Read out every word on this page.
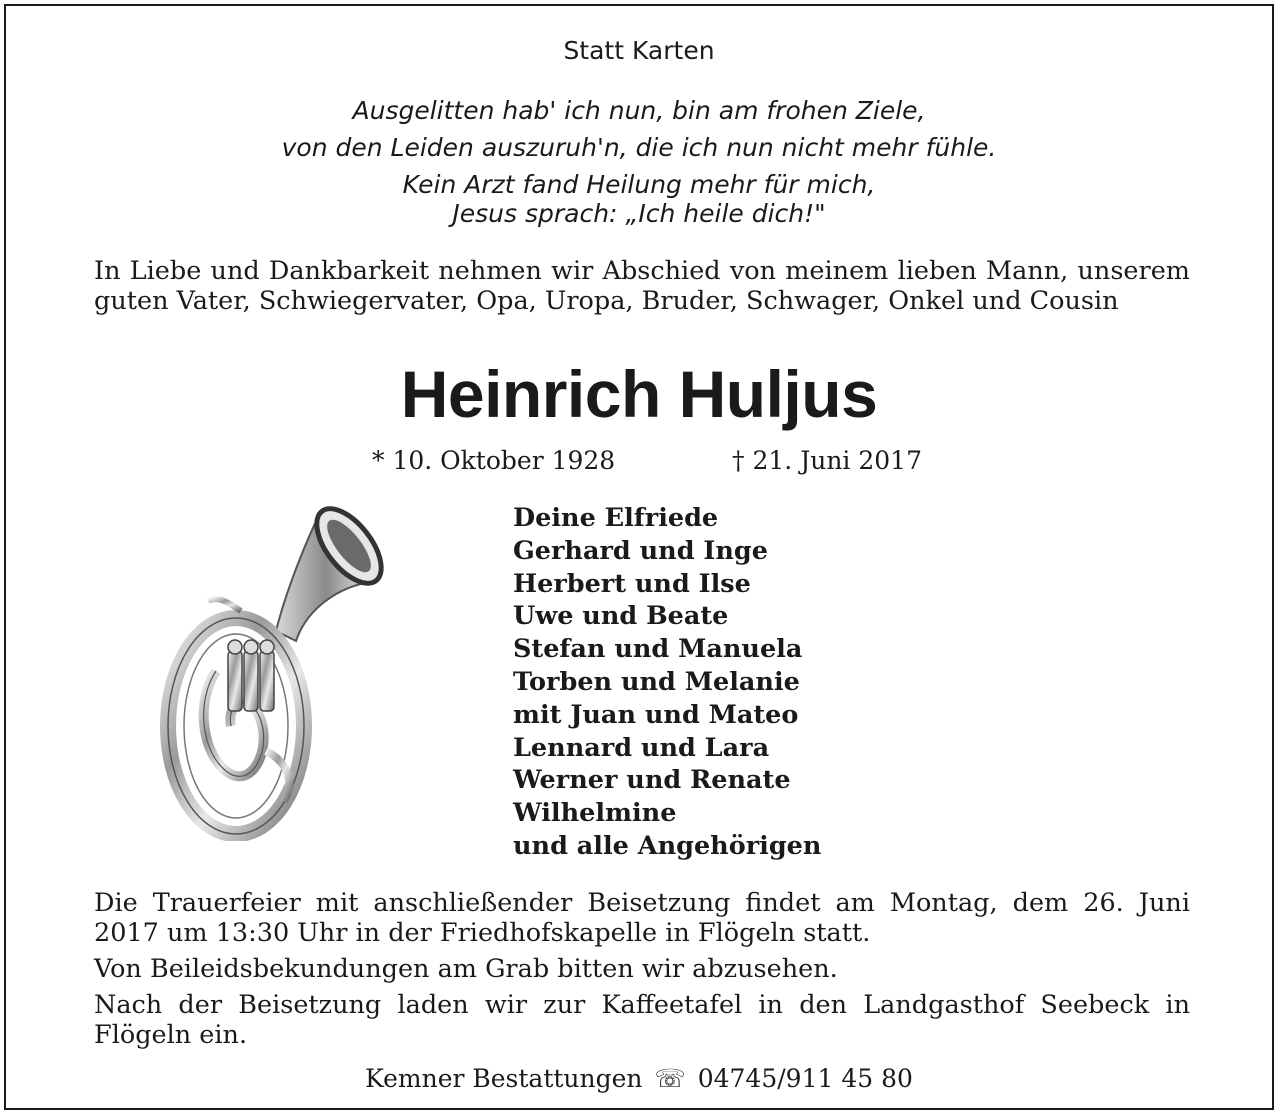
Statt Karten
Ausgelitten hab' ich nun, bin am frohen Ziele,
von den Leiden auszuruh'n, die ich nun nicht mehr fühle.
Kein Arzt fand Heilung mehr für mich,
Jesus sprach: „Ich heile dich!"
In Liebe und Dankbarkeit nehmen wir Abschied von meinem lieben Mann, unserem guten Vater, Schwiegervater, Opa, Uropa, Bruder, Schwager, Onkel und Cousin
Heinrich Huljus
* 10. Oktober 1928	† 21. Juni 2017
Deine Elfriede
Gerhard und Inge
Herbert und Ilse
Uwe und Beate
Stefan und Manuela
Torben und Melanie
mit Juan und Mateo
Lennard und Lara
Werner und Renate
Wilhelmine
und alle Angehörigen
Die Trauerfeier mit anschließender Beisetzung findet am Montag, dem 26. Juni 2017 um 13:30 Uhr in der Friedhofskapelle in Flögeln statt.
Von Beileidsbekundungen am Grab bitten wir abzusehen.
Nach der Beisetzung laden wir zur Kaffeetafel in den Landgasthof Seebeck in Flögeln ein.
Kemner Bestattungen ☏ 04745/911 45 80
